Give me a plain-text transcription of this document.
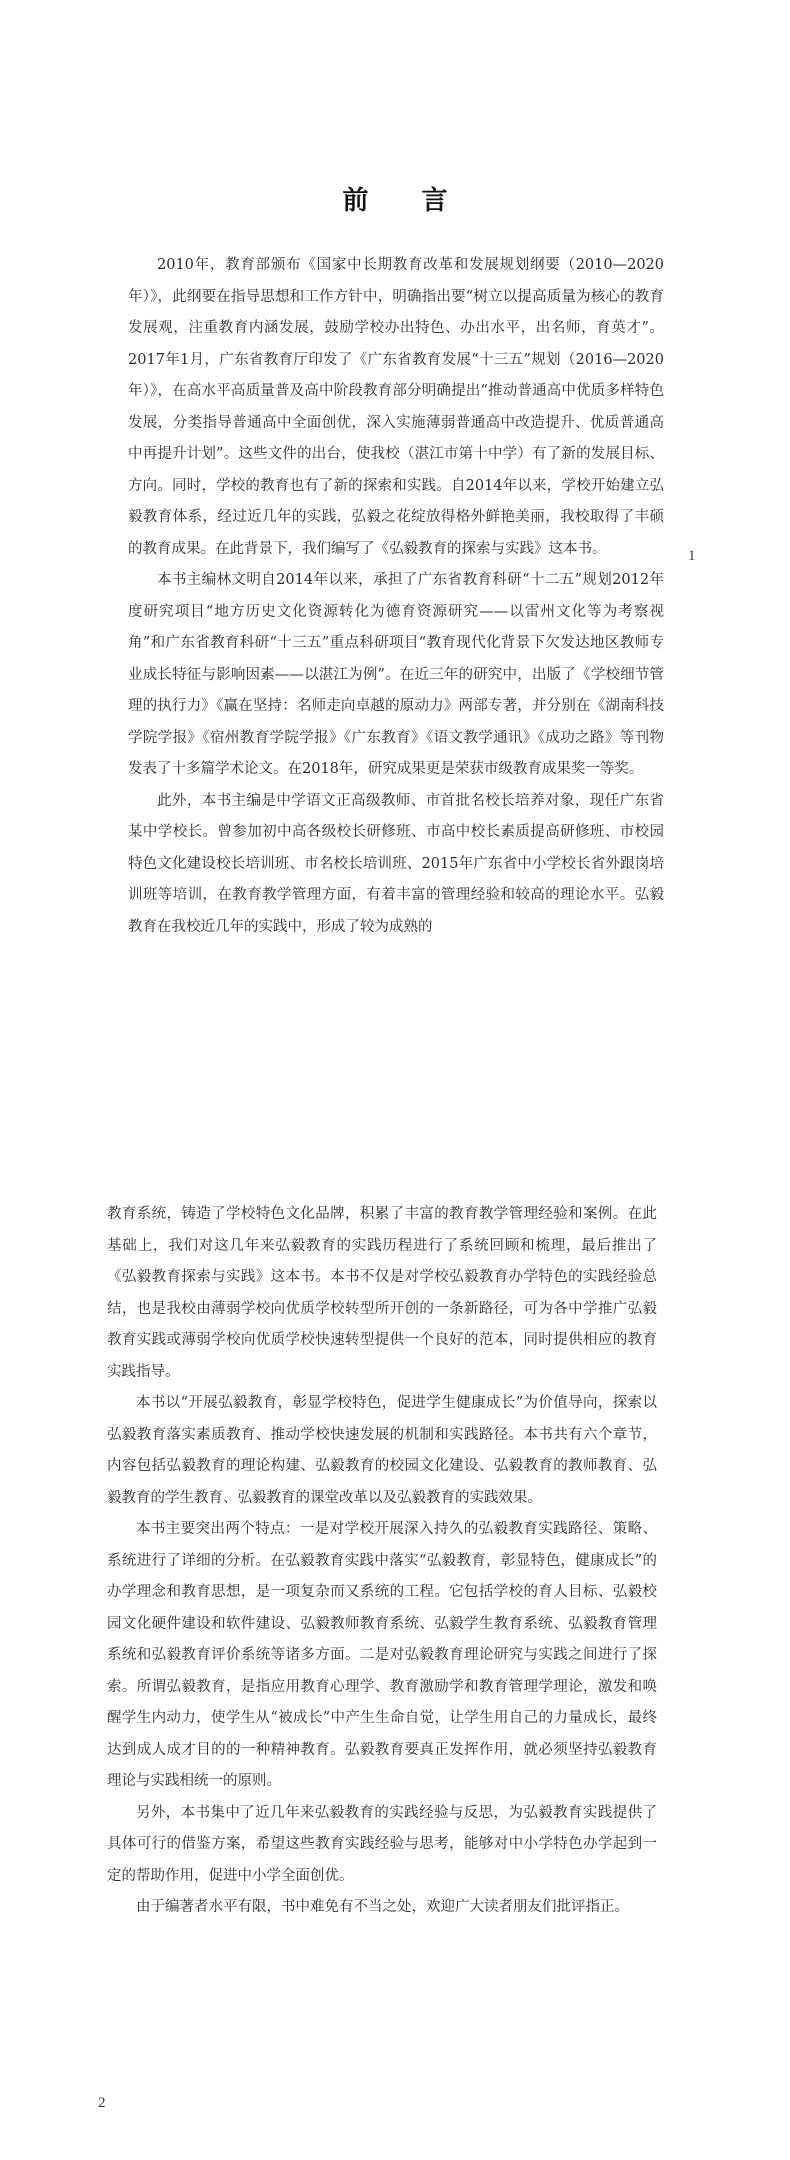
前 言

2010年，教育部颁布《国家中长期教育改革和发展规划纲要（2010—2020年）》，此纲要在指导思想和工作方针中，明确指出要“树立以提高质量为核心的教育发展观，注重教育内涵发展，鼓励学校办出特色、办出水平，出名师，育英才”。2017年1月，广东省教育厅印发了《广东省教育发展“十三五”规划（2016—2020年）》，在高水平高质量普及高中阶段教育部分明确提出“推动普通高中优质多样特色发展，分类指导普通高中全面创优，深入实施薄弱普通高中改造提升、优质普通高中再提升计划”。这些文件的出台，使我校（湛江市第十中学）有了新的发展目标、方向。同时，学校的教育也有了新的探索和实践。自2014年以来，学校开始建立弘毅教育体系，经过近几年的实践，弘毅之花绽放得格外鲜艳美丽，我校取得了丰硕的教育成果。在此背景下，我们编写了《弘毅教育的探索与实践》这本书。

本书主编林文明自2014年以来，承担了广东省教育科研“十二五”规划2012年度研究项目“地方历史文化资源转化为德育资源研究——以雷州文化等为考察视角”和广东省教育科研“十三五”重点科研项目“教育现代化背景下欠发达地区教师专业成长特征与影响因素——以湛江为例”。在近三年的研究中，出版了《学校细节管理的执行力》《赢在坚持：名师走向卓越的原动力》两部专著，并分别在《湖南科技学院学报》《宿州教育学院学报》《广东教育》《语文教学通讯》《成功之路》等刊物发表了十多篇学术论文。在2018年，研究成果更是荣获市级教育成果奖一等奖。

此外，本书主编是中学语文正高级教师、市首批名校长培养对象，现任广东省某中学校长。曾参加初中高各级校长研修班、市高中校长素质提高研修班、市校园特色文化建设校长培训班、市名校长培训班、2015年广东省中小学校长省外跟岗培训班等培训，在教育教学管理方面，有着丰富的管理经验和较高的理论水平。弘毅教育在我校近几年的实践中，形成了较为成熟的

1

教育系统，铸造了学校特色文化品牌，积累了丰富的教育教学管理经验和案例。在此基础上，我们对这几年来弘毅教育的实践历程进行了系统回顾和梳理，最后推出了《弘毅教育探索与实践》这本书。本书不仅是对学校弘毅教育办学特色的实践经验总结，也是我校由薄弱学校向优质学校转型所开创的一条新路径，可为各中学推广弘毅教育实践或薄弱学校向优质学校快速转型提供一个良好的范本，同时提供相应的教育实践指导。

本书以“开展弘毅教育，彰显学校特色，促进学生健康成长”为价值导向，探索以弘毅教育落实素质教育、推动学校快速发展的机制和实践路径。本书共有六个章节，内容包括弘毅教育的理论构建、弘毅教育的校园文化建设、弘毅教育的教师教育、弘毅教育的学生教育、弘毅教育的课堂改革以及弘毅教育的实践效果。

本书主要突出两个特点：一是对学校开展深入持久的弘毅教育实践路径、策略、系统进行了详细的分析。在弘毅教育实践中落实“弘毅教育，彰显特色，健康成长”的办学理念和教育思想，是一项复杂而又系统的工程。它包括学校的育人目标、弘毅校园文化硬件建设和软件建设、弘毅教师教育系统、弘毅学生教育系统、弘毅教育管理系统和弘毅教育评价系统等诸多方面。二是对弘毅教育理论研究与实践之间进行了探索。所谓弘毅教育，是指应用教育心理学、教育激励学和教育管理学理论，激发和唤醒学生内动力，使学生从“被成长”中产生生命自觉，让学生用自己的力量成长，最终达到成人成才目的的一种精神教育。弘毅教育要真正发挥作用，就必须坚持弘毅教育理论与实践相统一的原则。

另外，本书集中了近几年来弘毅教育的实践经验与反思，为弘毅教育实践提供了具体可行的借鉴方案，希望这些教育实践经验与思考，能够对中小学特色办学起到一定的帮助作用，促进中小学全面创优。

由于编著者水平有限，书中难免有不当之处，欢迎广大读者朋友们批评指正。

2
